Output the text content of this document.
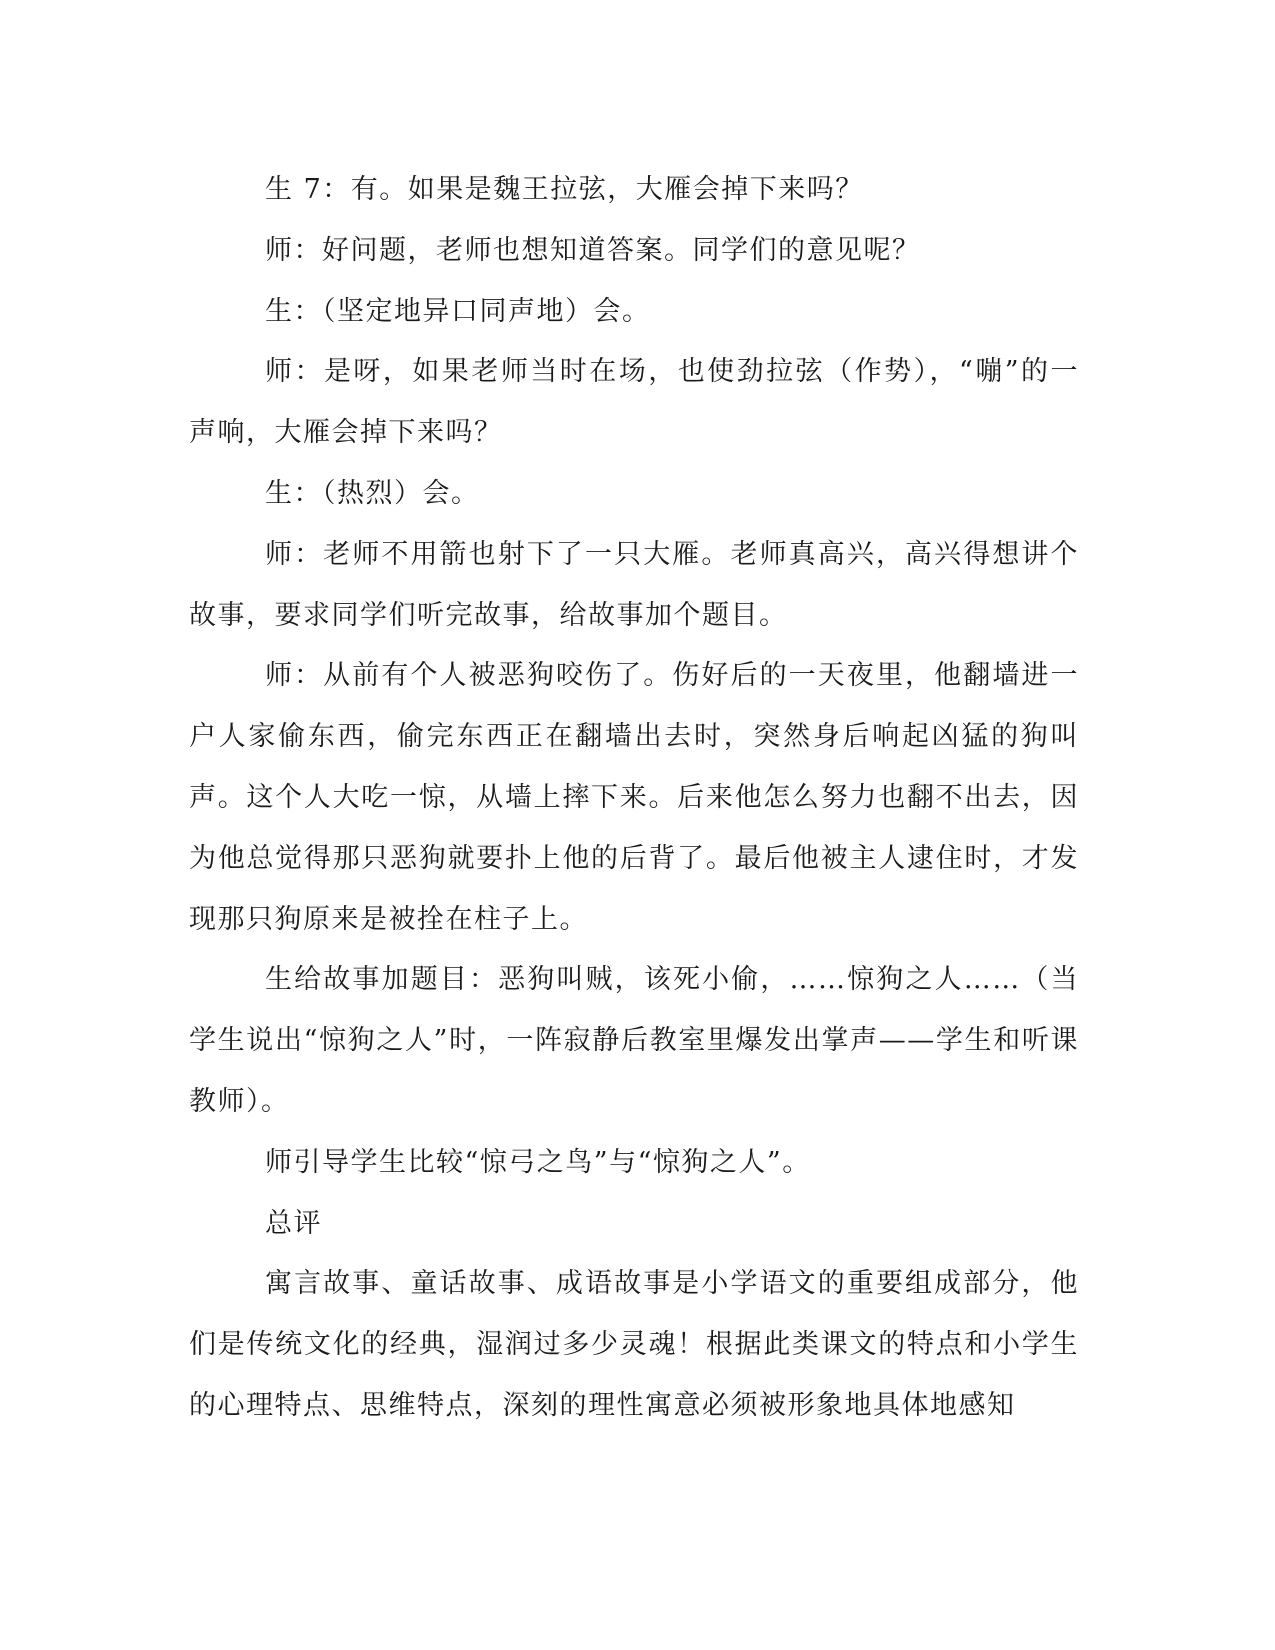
生 7：有。如果是魏王拉弦，大雁会掉下来吗？

师：好问题，老师也想知道答案。同学们的意见呢？

生：（坚定地异口同声地）会。

师：是呀，如果老师当时在场，也使劲拉弦（作势），“嘣”的一声响，大雁会掉下来吗？

生：（热烈）会。

师：老师不用箭也射下了一只大雁。老师真高兴，高兴得想讲个故事，要求同学们听完故事，给故事加个题目。

师：从前有个人被恶狗咬伤了。伤好后的一天夜里，他翻墙进一户人家偷东西，偷完东西正在翻墙出去时，突然身后响起凶猛的狗叫声。这个人大吃一惊，从墙上摔下来。后来他怎么努力也翻不出去，因为他总觉得那只恶狗就要扑上他的后背了。最后他被主人逮住时，才发现那只狗原来是被拴在柱子上。

生给故事加题目：恶狗叫贼，该死小偷，……惊狗之人……（当学生说出“惊狗之人”时，一阵寂静后教室里爆发出掌声——学生和听课教师）。

师引导学生比较“惊弓之鸟”与“惊狗之人”。

总评

寓言故事、童话故事、成语故事是小学语文的重要组成部分，他们是传统文化的经典，湿润过多少灵魂！根据此类课文的特点和小学生的心理特点、思维特点，深刻的理性寓意必须被形象地具体地感知
